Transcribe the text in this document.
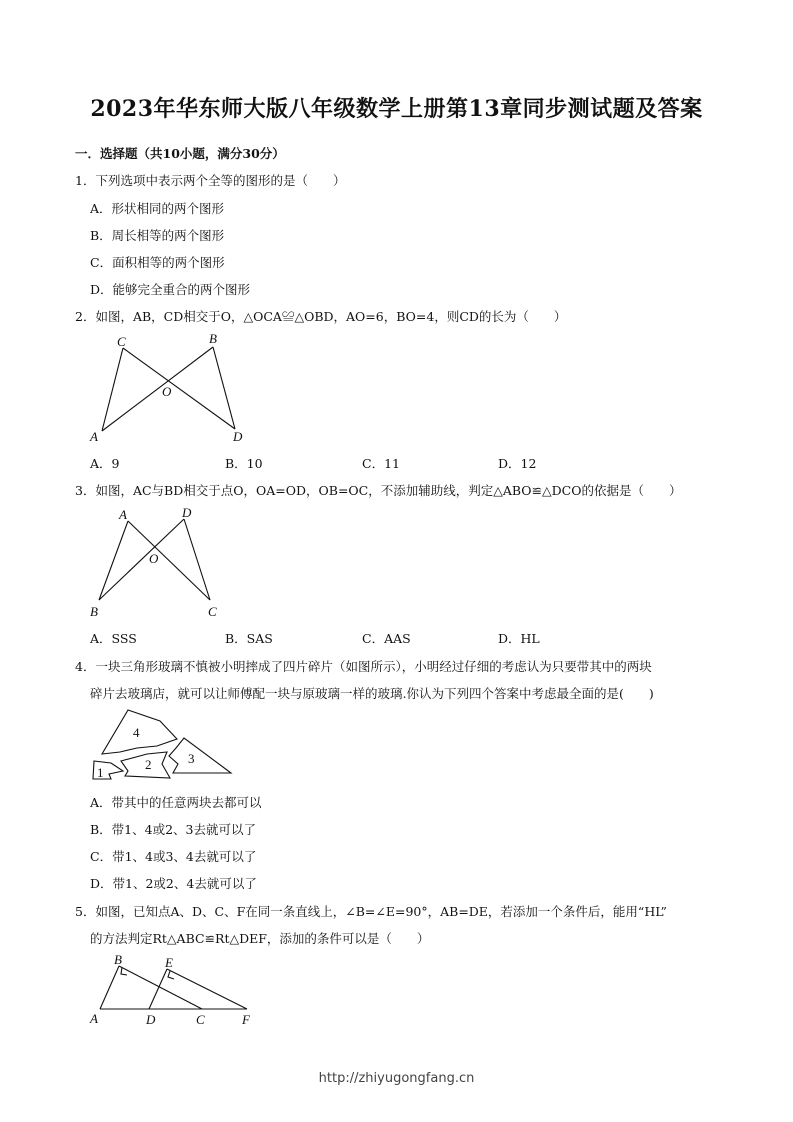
2023年华东师大版八年级数学上册第13章同步测试题及答案
一．选择题（共10小题，满分30分）
1．下列选项中表示两个全等的图形的是（　　）
A．形状相同的两个图形
B．周长相等的两个图形
C．面积相等的两个图形
D．能够完全重合的两个图形
2．如图，AB，CD相交于O，△OCA≌△OBD，AO=6，BO=4，则CD的长为（　　）
C	B
O
A	D
A．9	B．10	C．11	D．12
3．如图，AC与BD相交于点O，OA=OD，OB=OC，不添加辅助线，判定△ABO≌△DCO的依据是（　　）
A	D
O
B	C
A．SSS	B．SAS	C．AAS	D．HL
4．一块三角形玻璃不慎被小明摔成了四片碎片（如图所示），小明经过仔细的考虑认为只要带其中的两块
碎片去玻璃店，就可以让师傅配一块与原玻璃一样的玻璃.你认为下列四个答案中考虑最全面的是(　　)
4
1
2	3
A．带其中的任意两块去都可以
B．带1、4或2、3去就可以了
C．带1、4或3、4去就可以了
D．带1、2或2、4去就可以了
5．如图，已知点A、D、C、F在同一条直线上，∠B=∠E=90°，AB=DE，若添加一个条件后，能用“HL”
的方法判定Rt△ABC≌Rt△DEF，添加的条件可以是（　　）
B	E
A	D	C	F
http://zhiyugongfang.cn
